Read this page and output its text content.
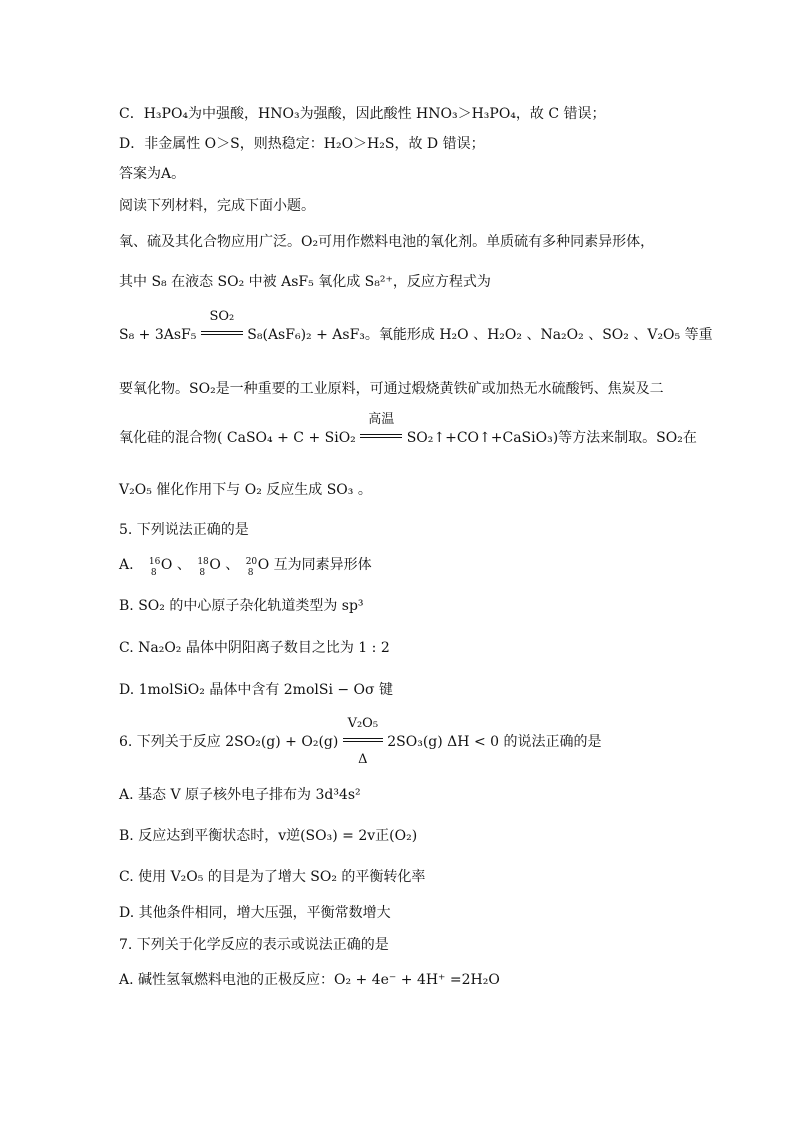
C．H₃PO₄为中强酸，HNO₃为强酸，因此酸性 HNO₃＞H₃PO₄，故 C 错误；
D．非金属性 O＞S，则热稳定：H₂O＞H₂S，故 D 错误；
答案为A。
阅读下列材料，完成下面小题。
氧、硫及其化合物应用广泛。O₂可用作燃料电池的氧化剂。单质硫有多种同素异形体，
其中 S₈ 在液态 SO₂ 中被 AsF₅ 氧化成 S₈²⁺，反应方程式为
S₈ + 3AsF₅
SO₂
S₈(AsF₆)₂ + AsF₃。氧能形成 H₂O 、H₂O₂ 、Na₂O₂ 、SO₂ 、V₂O₅ 等重
要氧化物。SO₂是一种重要的工业原料，可通过煅烧黄铁矿或加热无水硫酸钙、焦炭及二
氧化硅的混合物( CaSO₄ + C + SiO₂
高温
SO₂↑+CO↑+CaSiO₃)等方法来制取。SO₂在
V₂O₅ 催化作用下与 O₂ 反应生成 SO₃ 。
5. 下列说法正确的是
A. 16
8 O 、 18
8 O 、 20
8 O 互为同素异形体
B. SO₂ 的中心原子杂化轨道类型为 sp³
C. Na₂O₂ 晶体中阴阳离子数目之比为 1 : 2
D. 1molSiO₂ 晶体中含有 2molSi − Oσ 键
6. 下列关于反应 $2SO_2(g) + O_2(g) \frac{\text{V₂O₅}}{\Delta} 2SO_3(g) \Delta H < 0$ 的说法正确的是
A. 基态 V 原子核外电子排布为 3d³4s²
B. 反应达到平衡状态时，v逆(SO₃) = 2v正(O₂)
C. 使用 V₂O₅ 的目是为了增大 SO₂ 的平衡转化率
D. 其他条件相同，增大压强，平衡常数增大
7. 下列关于化学反应的表示或说法正确的是
A. 碱性氢氧燃料电池的正极反应：O₂ + 4e⁻ + 4H⁺ =2H₂O
